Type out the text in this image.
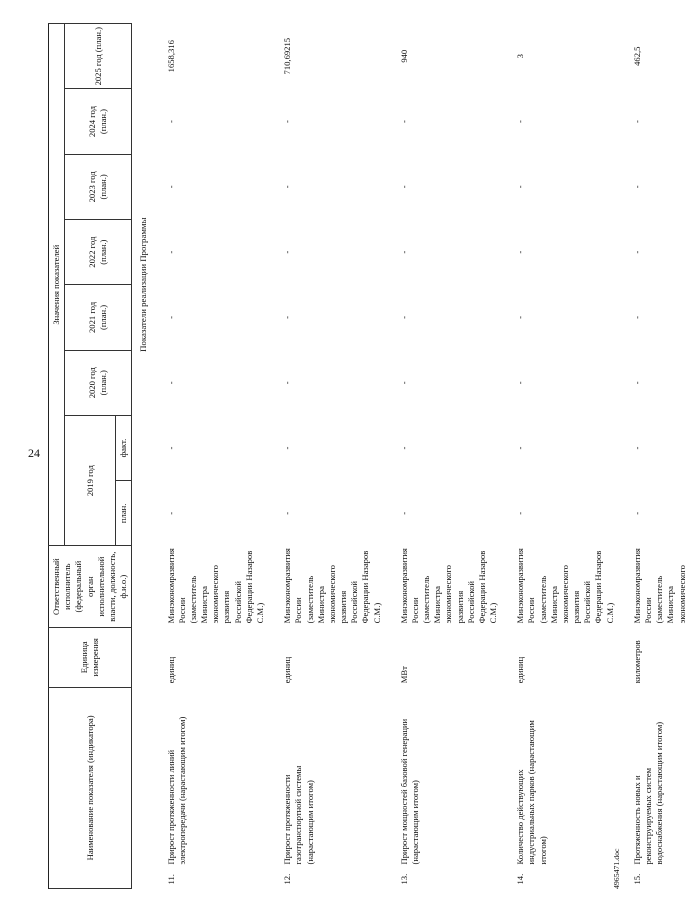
24
Наименование показателя (индикатора)	Единица измерения	Ответственный исполнитель (федеральный орган исполнительной власти, должность, ф.и.о.)	Значения показателей							
			2019 год		2020 год (план.)	2021 год (план.)	2022 год (план.)	2023 год (план.)	2024 год (план.)	2025 год (план.)
			план.	факт.						
			Показатели реализации Программы							
11.Прирост протяженности линий электропередачи (нарастающим итогом)	единиц	Минэкономразвития России (заместитель Министра экономического развития Российской Федерации Назаров С.М.)	-	-	-	-	-	-	-	1658,316
12.Прирост протяженности газотранспортной системы (нарастающим итогом)	единиц	Минэкономразвития России (заместитель Министра экономического развития Российской Федерации Назаров С.М.)	-	-	-	-	-	-	-	710,69215
13.Прирост мощностей базовой генерации (нарастающим итогом)	МВт	Минэкономразвития России (заместитель Министра экономического развития Российской Федерации Назаров С.М.)	-	-	-	-	-	-	-	940
14.Количество действующих индустриальных парков (нарастающим итогом)	единиц	Минэкономразвития России (заместитель Министра экономического развития Российской Федерации Назаров С.М.)	-	-	-	-	-	-	-	3
15.Протяженность новых и реконструируемых систем водоснабжения (нарастающим итогом)	километров	Минэкономразвития России (заместитель Министра экономического	-	-	-	-	-	-	-	462,5
4965471.doc
